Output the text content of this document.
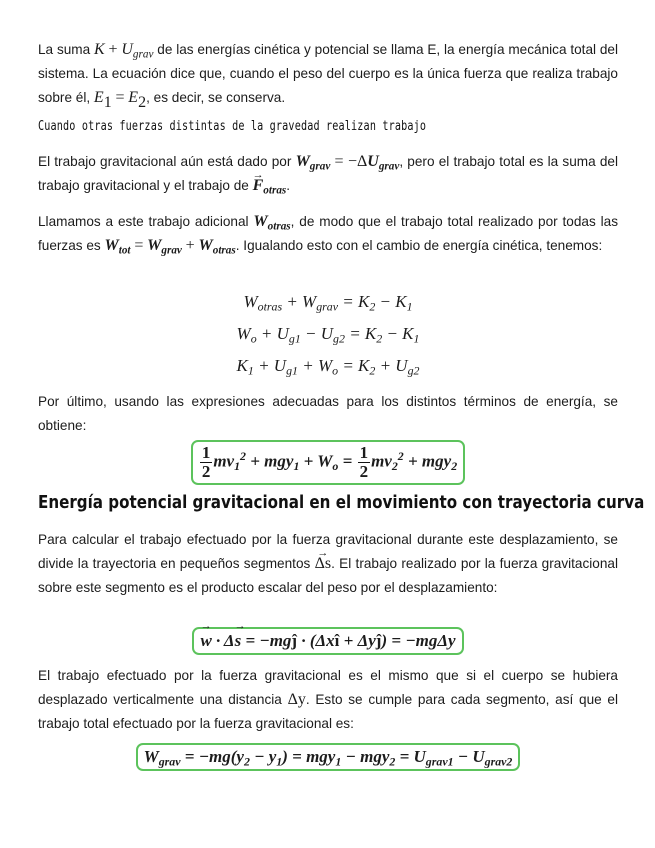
La suma $K + U_{grav}$ de las energías cinética y potencial se llama E, la energía mecánica total del sistema. La ecuación dice que, cuando el peso del cuerpo es la única fuerza que realiza trabajo sobre él, $E_1 = E_2$, es decir, se conserva.

Cuando otras fuerzas distintas de la gravedad realizan trabajo

El trabajo gravitacional aún está dado por $W_{grav} = -\Delta U_{grav}$, pero el trabajo total es la suma del trabajo gravitacional y el trabajo de → $F_{otras}$.

Llamamos a este trabajo adicional $W_{otras}$, de modo que el trabajo total realizado por todas las fuerzas es $W_{tot} = W_{grav} + W_{otras}$. Igualando esto con el cambio de energía cinética, tenemos:

$W_{otras} + W_{grav} = K_2 - K_1$
$W_o + U_{g1} - U_{g2} = K_2 - K_1$
$K_1 + U_{g1} + W_o = K_2 + U_{g2}$

Por último, usando las expresiones adecuadas para los distintos términos de energía, se obtiene:

$\frac{1}{2} mv_1^2 + mgy_1 + W_o = \frac{1}{2} mv_2^2 + mgy_2$
Energía potencial gravitacional en el movimiento con trayectoria curva

Para calcular el trabajo efectuado por la fuerza gravitacional durante este desplazamiento, se divide la trayectoria en pequeños segmentos → Δs. El trabajo realizado por la fuerza gravitacional sobre este segmento es el producto escalar del peso por el desplazamiento:

→ w · Δ→ s = −mgĵ · (Δxî + Δyĵ) = −mgΔy

El trabajo efectuado por la fuerza gravitacional es el mismo que si el cuerpo se hubiera desplazado verticalmente una distancia Δy. Esto se cumple para cada segmento, así que el trabajo total efectuado por la fuerza gravitacional es:

$W_{grav} = -mg(y_2 - y_1) = mgy_1 - mgy_2 = U_{grav1} - U_{grav2}$
